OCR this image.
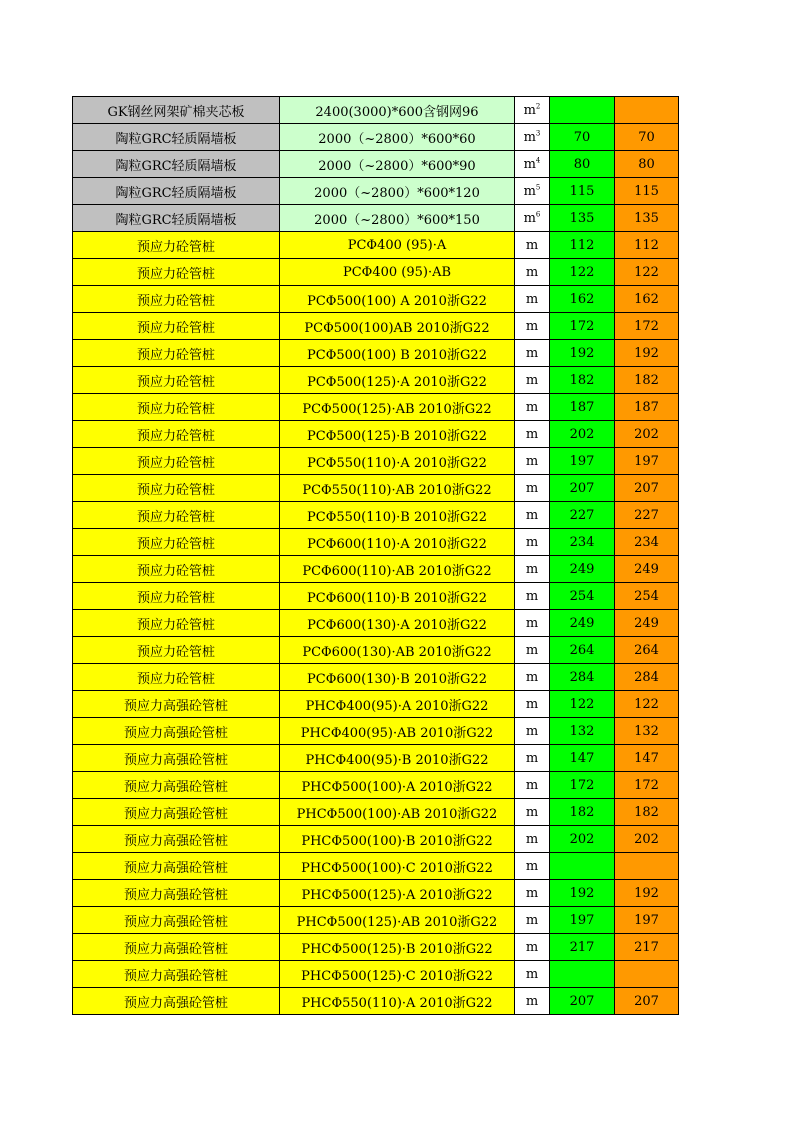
GK钢丝网架矿棉夹芯板	2400(3000)*600含钢网96	$m^2$		
陶粒GRC轻质隔墙板	2000（~2800）*600*60	$m^3$	70	70
陶粒GRC轻质隔墙板	2000（~2800）*600*90	$m^4$	80	80
陶粒GRC轻质隔墙板	2000（~2800）*600*120	$m^5$	115	115
陶粒GRC轻质隔墙板	2000（~2800）*600*150	$m^6$	135	135
预应力砼管桩	PCΦ400 (95)·A	m	112	112
预应力砼管桩	PCΦ400 (95)·AB	m	122	122
预应力砼管桩	PCΦ500(100) A 2010浙G22	m	162	162
预应力砼管桩	PCΦ500(100)AB 2010浙G22	m	172	172
预应力砼管桩	PCΦ500(100) B 2010浙G22	m	192	192
预应力砼管桩	PCΦ500(125)·A 2010浙G22	m	182	182
预应力砼管桩	PCΦ500(125)·AB 2010浙G22	m	187	187
预应力砼管桩	PCΦ500(125)·B 2010浙G22	m	202	202
预应力砼管桩	PCΦ550(110)·A 2010浙G22	m	197	197
预应力砼管桩	PCΦ550(110)·AB 2010浙G22	m	207	207
预应力砼管桩	PCΦ550(110)·B 2010浙G22	m	227	227
预应力砼管桩	PCΦ600(110)·A 2010浙G22	m	234	234
预应力砼管桩	PCΦ600(110)·AB 2010浙G22	m	249	249
预应力砼管桩	PCΦ600(110)·B 2010浙G22	m	254	254
预应力砼管桩	PCΦ600(130)·A 2010浙G22	m	249	249
预应力砼管桩	PCΦ600(130)·AB 2010浙G22	m	264	264
预应力砼管桩	PCΦ600(130)·B 2010浙G22	m	284	284
预应力高强砼管桩	PHCΦ400(95)·A 2010浙G22	m	122	122
预应力高强砼管桩	PHCΦ400(95)·AB 2010浙G22	m	132	132
预应力高强砼管桩	PHCΦ400(95)·B 2010浙G22	m	147	147
预应力高强砼管桩	PHCΦ500(100)·A 2010浙G22	m	172	172
预应力高强砼管桩	PHCΦ500(100)·AB 2010浙G22	m	182	182
预应力高强砼管桩	PHCΦ500(100)·B 2010浙G22	m	202	202
预应力高强砼管桩	PHCΦ500(100)·C 2010浙G22	m		
预应力高强砼管桩	PHCΦ500(125)·A 2010浙G22	m	192	192
预应力高强砼管桩	PHCΦ500(125)·AB 2010浙G22	m	197	197
预应力高强砼管桩	PHCΦ500(125)·B 2010浙G22	m	217	217
预应力高强砼管桩	PHCΦ500(125)·C 2010浙G22	m		
预应力高强砼管桩	PHCΦ550(110)·A 2010浙G22	m	207	207
